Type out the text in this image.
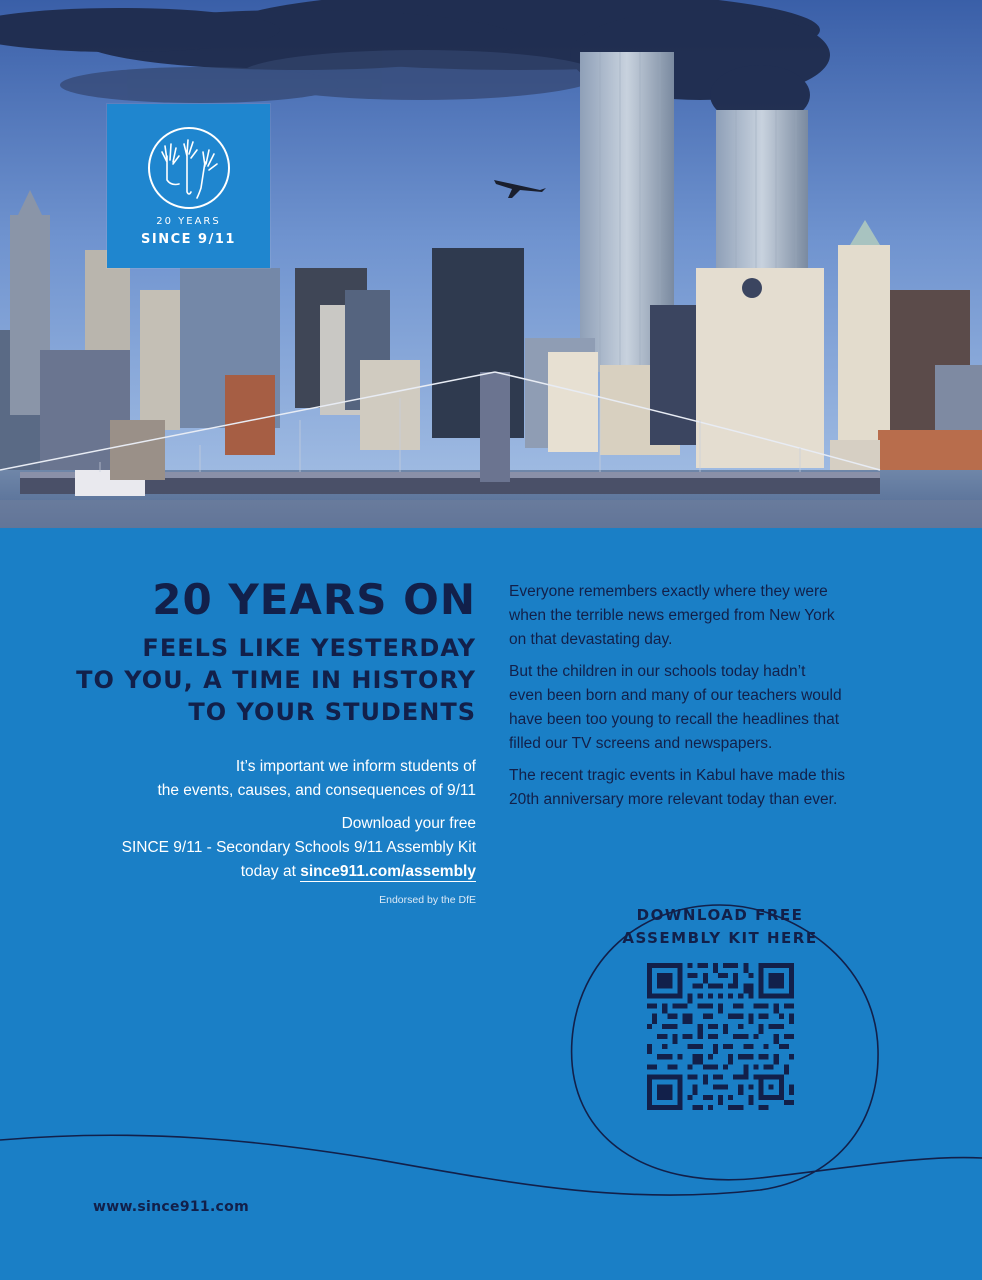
20 YEARS
SINCE 9/11
20 YEARS ON
FEELS LIKE YESTERDAY
TO YOU, A TIME IN HISTORY
TO YOUR STUDENTS
It’s important we inform students of
the events, causes, and consequences of 9/11
Download your free
SINCE 9/11 - Secondary Schools 9/11 Assembly Kit
today at since911.com/assembly
Endorsed by the DfE

Everyone remembers exactly where they were
when the terrible news emerged from New York
on that devastating day.

But the children in our schools today hadn’t
even been born and many of our teachers would
have been too young to recall the headlines that
filled our TV screens and newspapers.

The recent tragic events in Kabul have made this
20th anniversary more relevant today than ever.

DOWNLOAD FREE
ASSEMBLY KIT HERE
www.since911.com
